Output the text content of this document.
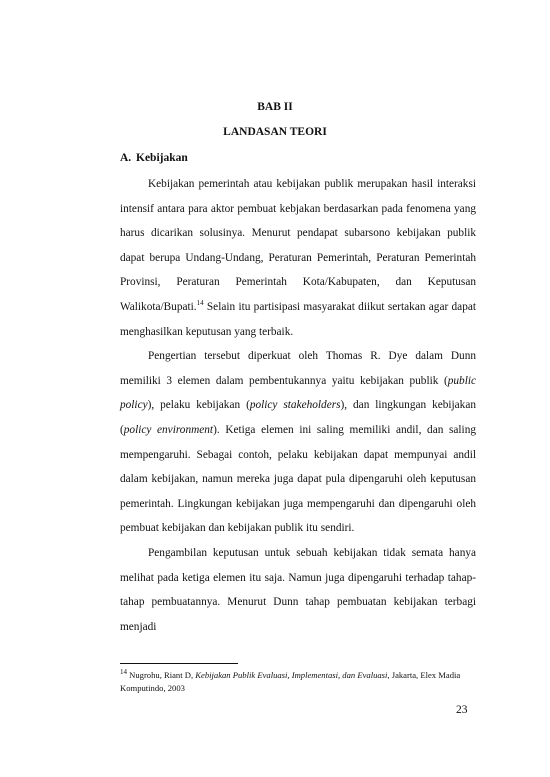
BAB II
LANDASAN TEORI
A. Kebijakan

Kebijakan pemerintah atau kebijakan publik merupakan hasil interaksi intensif antara para aktor pembuat kebjakan berdasarkan pada fenomena yang harus dicarikan solusinya. Menurut pendapat subarsono kebijakan publik dapat berupa Undang-Undang, Peraturan Pemerintah, Peraturan Pemerintah Provinsi, Peraturan Pemerintah Kota/Kabupaten, dan Keputusan Walikota/Bupati.$^{14}$ Selain itu partisipasi masyarakat diikut sertakan agar dapat menghasilkan keputusan yang terbaik.

Pengertian tersebut diperkuat oleh Thomas R. Dye dalam Dunn memiliki 3 elemen dalam pembentukannya yaitu kebijakan publik (public policy), pelaku kebijakan (policy stakeholders), dan lingkungan kebijakan (policy environment). Ketiga elemen ini saling memiliki andil, dan saling mempengaruhi. Sebagai contoh, pelaku kebijakan dapat mempunyai andil dalam kebijakan, namun mereka juga dapat pula dipengaruhi oleh keputusan pemerintah. Lingkungan kebijakan juga mempengaruhi dan dipengaruhi oleh pembuat kebijakan dan kebijakan publik itu sendiri.

Pengambilan keputusan untuk sebuah kebijakan tidak semata hanya melihat pada ketiga elemen itu saja. Namun juga dipengaruhi terhadap tahap-tahap pembuatannya. Menurut Dunn tahap pembuatan kebijakan terbagi menjadi

$^{14}$ Nugrohu, Riant D, Kebijakan Publik Evaluasi, Implementasi, dan Evaluasi, Jakarta, Elex Madia Komputindo, 2003
23
